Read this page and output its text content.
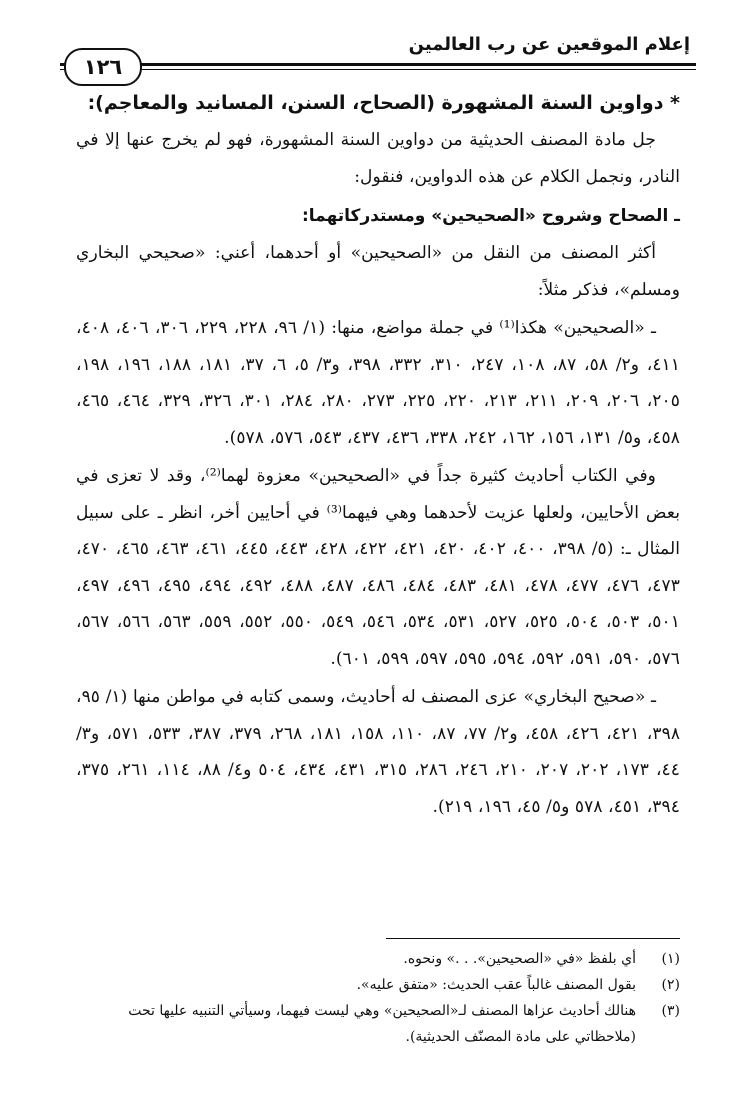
إعلام الموقعين عن رب العالمين
١٢٦
* دواوين السنة المشهورة (الصحاح، السنن، المسانيد والمعاجم):

جل مادة المصنف الحديثية من دواوين السنة المشهورة، فهو لم يخرج عنها إلا في النادر، ونجمل الكلام عن هذه الدواوين، فنقول:

ـ الصحاح وشروح «الصحيحين» ومستدركاتهما:

أكثر المصنف من النقل من «الصحيحين» أو أحدهما، أعني: «صحيحي البخاري ومسلم»، فذكر مثلاً:

ـ «الصحيحين» هكذا⁽¹⁾ في جملة مواضع، منها: (١/ ٩٦، ٢٢٨، ٢٢٩، ٣٠٦، ٤٠٦، ٤٠٨، ٤١١، و٢/ ٥٨، ٨٧، ١٠٨، ٢٤٧، ٣١٠، ٣٣٢، ٣٩٨، و٣/ ٥، ٦، ٣٧، ١٨١، ١٨٨، ١٩٦، ١٩٨، ٢٠٥، ٢٠٦، ٢٠٩، ٢١١، ٢١٣، ٢٢٠، ٢٢٥، ٢٧٣، ٢٨٠، ٢٨٤، ٣٠١، ٣٢٦، ٣٢٩، ٤٦٤، ٤٦٥، ٤٥٨، و٥/ ١٣١، ١٥٦، ١٦٢، ٢٤٢، ٣٣٨، ٤٣٦، ٤٣٧، ٥٤٣، ٥٧٦، ٥٧٨).

وفي الكتاب أحاديث كثيرة جداً في «الصحيحين» معزوة لهما⁽²⁾، وقد لا تعزى في بعض الأحايين، ولعلها عزيت لأحدهما وهي فيهما⁽³⁾ في أحايين أخر، انظر ـ على سبيل المثال ـ: (٥/ ٣٩٨، ٤٠٠، ٤٠٢، ٤٢٠، ٤٢١، ٤٢٢، ٤٢٨، ٤٤٣، ٤٤٥، ٤٦١، ٤٦٣، ٤٦٥، ٤٧٠، ٤٧٣، ٤٧٦، ٤٧٧، ٤٧٨، ٤٨١، ٤٨٣، ٤٨٤، ٤٨٦، ٤٨٧، ٤٨٨، ٤٩٢، ٤٩٤، ٤٩٥، ٤٩٦، ٤٩٧، ٥٠١، ٥٠٣، ٥٠٤، ٥٢٥، ٥٢٧، ٥٣١، ٥٣٤، ٥٤٦، ٥٤٩، ٥٥٠، ٥٥٢، ٥٥٩، ٥٦٣، ٥٦٦، ٥٦٧، ٥٧٦، ٥٩٠، ٥٩١، ٥٩٢، ٥٩٤، ٥٩٥، ٥٩٧، ٥٩٩، ٦٠١).

ـ «صحيح البخاري» عزى المصنف له أحاديث، وسمى كتابه في مواطن منها (١/ ٩٥، ٣٩٨، ٤٢١، ٤٢٦، ٤٥٨، و٢/ ٧٧، ٨٧، ١١٠، ١٥٨، ١٨١، ٢٦٨، ٣٧٩، ٣٨٧، ٥٣٣، ٥٧١، و٣/ ٤٤، ١٧٣، ٢٠٢، ٢٠٧، ٢١٠، ٢٤٦، ٢٨٦، ٣١٥، ٤٣١، ٤٣٤، ٥٠٤ و٤/ ٨٨، ١١٤، ٢٦١، ٣٧٥، ٣٩٤، ٤٥١، ٥٧٨ و٥/ ٤٥، ١٩٦، ٢١٩).

(١)
أي بلفظ «في «الصحيحين». . .» ونحوه.
(٢)
بقول المصنف غالباً عقب الحديث: «متفق عليه».
(٣)
هنالك أحاديث عزاها المصنف لـ«الصحيحين» وهي ليست فيهما، وسيأتي التنبيه عليها تحت (ملاحظاتي على مادة المصنّف الحديثية).
